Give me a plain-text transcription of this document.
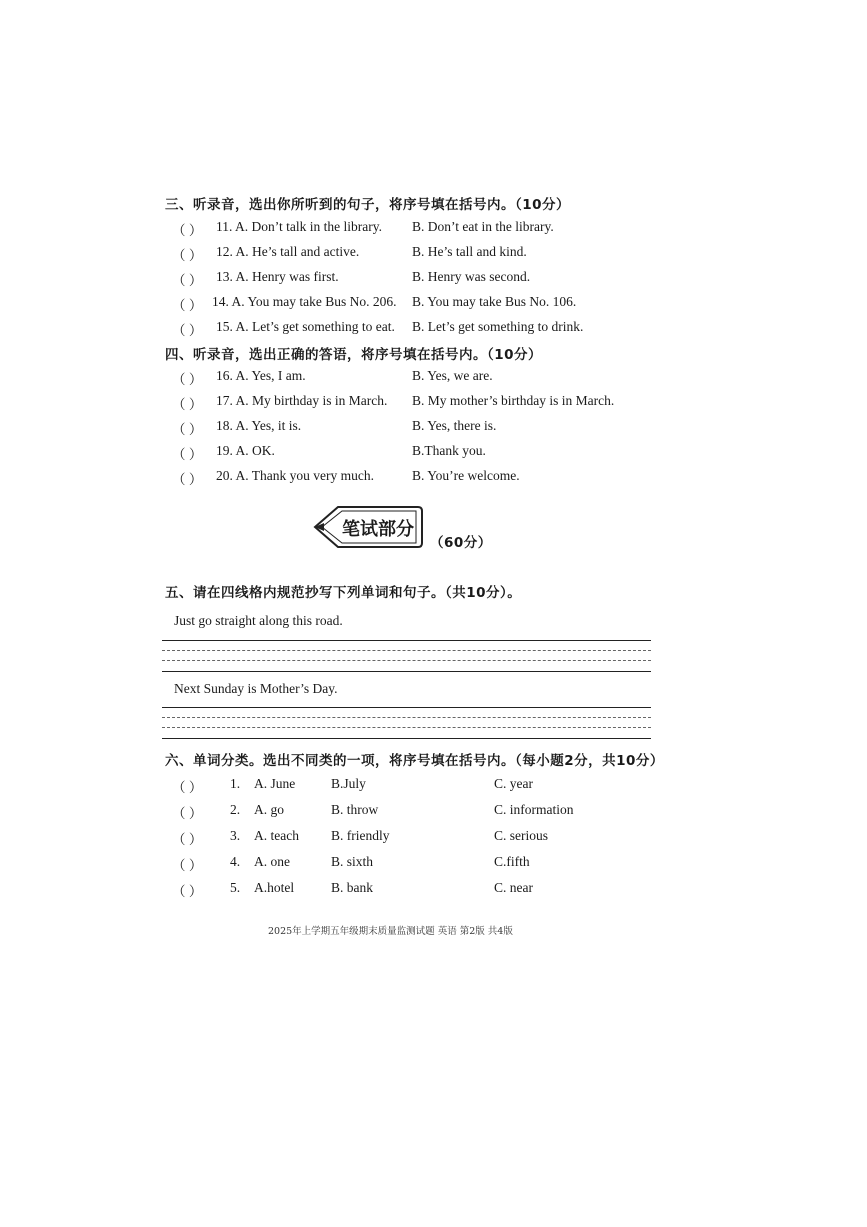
三、听录音，选出你所听到的句子，将序号填在括号内。（10分）
（ ） 11. A. Don’t talk in the library. B. Don’t eat in the library.
（ ） 12. A. He’s tall and active.	B. He’s tall and kind.
（ ） 13. A. Henry was first.	B. Henry was second.
（ ） 14. A. You may take Bus No. 206. B. You may take Bus No. 106.
（ ） 15. A. Let’s get something to eat. B. Let’s get something to drink.
四、听录音，选出正确的答语，将序号填在括号内。（10分）
（ ） 16. A. Yes, I am.	B. Yes, we are.
（ ） 17. A. My birthday is in March. B. My mother’s birthday is in March.
（ ） 18. A. Yes, it is.	B. Yes, there is.
（ ） 19. A. OK.	B.Thank you.
（ ） 20. A. Thank you very much.	B. You’re welcome.
笔试部分
（60分）
五、请在四线格内规范抄写下列单词和句子。（共10分）。
Just go straight along this road.
Next Sunday is Mother’s Day.
六、单词分类。选出不同类的一项，将序号填在括号内。（每小题2分，共10分）
（ ） 1. A. June	B.July	C. year
（ ） 2. A. go	B. throw	C. information
（ ） 3. A. teach B. friendly	C. serious
（ ） 4. A. one	B. sixth	C.fifth
（ ） 5. A.hotel	B. bank	C. near
2025年上学期五年级期末质量监测试题 英语 第2版 共4版
